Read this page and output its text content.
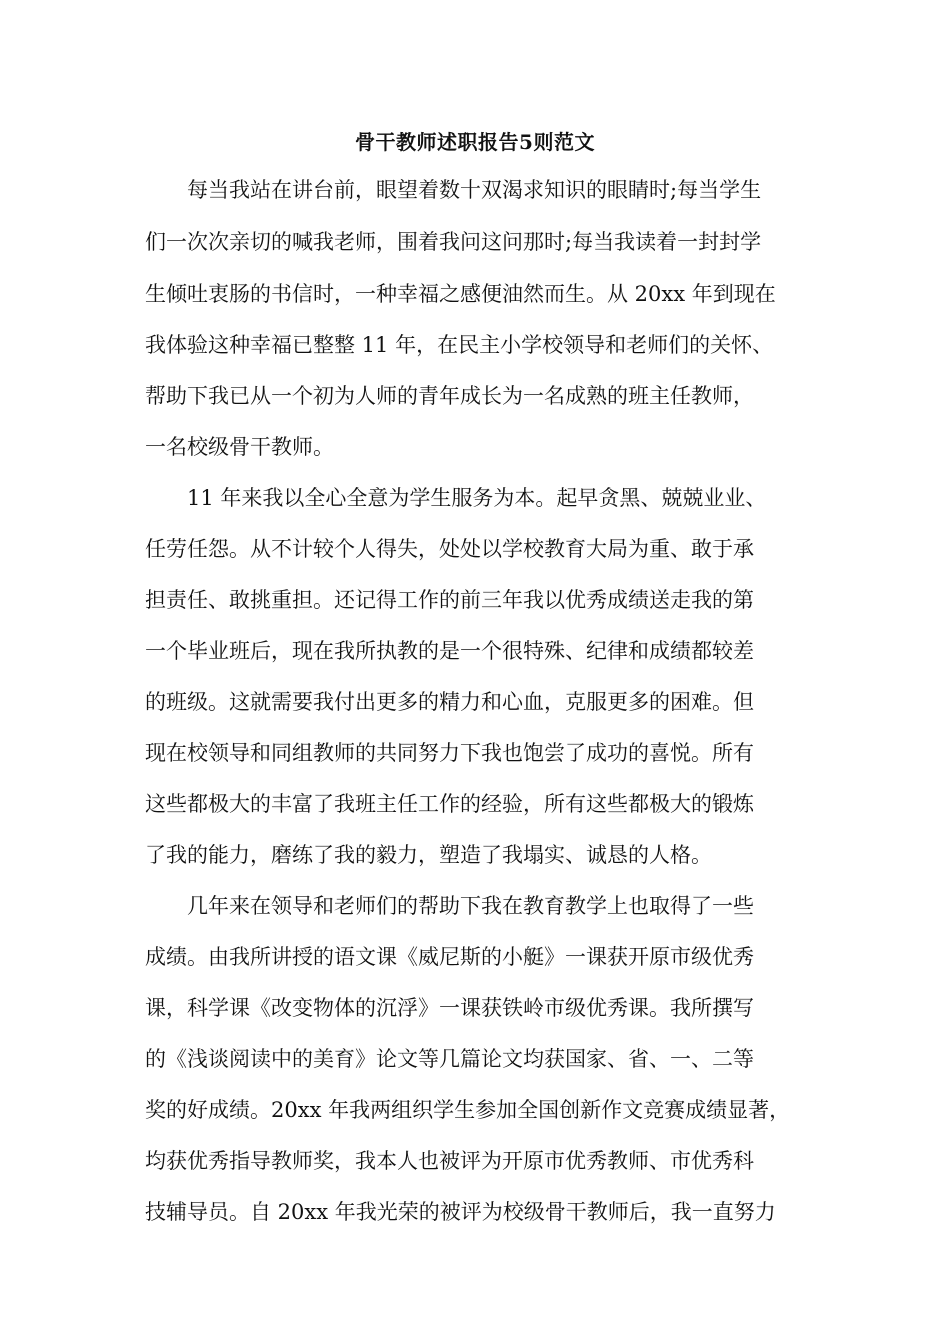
骨干教师述职报告5则范文
每当我站在讲台前，眼望着数十双渴求知识的眼睛时;每当学生
们一次次亲切的喊我老师，围着我问这问那时;每当我读着一封封学
生倾吐衷肠的书信时，一种幸福之感便油然而生。从 20xx 年到现在
我体验这种幸福已整整 11 年，在民主小学校领导和老师们的关怀、
帮助下我已从一个初为人师的青年成长为一名成熟的班主任教师，
一名校级骨干教师。
11 年来我以全心全意为学生服务为本。起早贪黑、兢兢业业、
任劳任怨。从不计较个人得失，处处以学校教育大局为重、敢于承
担责任、敢挑重担。还记得工作的前三年我以优秀成绩送走我的第
一个毕业班后，现在我所执教的是一个很特殊、纪律和成绩都较差
的班级。这就需要我付出更多的精力和心血，克服更多的困难。但
现在校领导和同组教师的共同努力下我也饱尝了成功的喜悦。所有
这些都极大的丰富了我班主任工作的经验，所有这些都极大的锻炼
了我的能力，磨练了我的毅力，塑造了我塌实、诚恳的人格。
几年来在领导和老师们的帮助下我在教育教学上也取得了一些
成绩。由我所讲授的语文课《威尼斯的小艇》一课获开原市级优秀
课，科学课《改变物体的沉浮》一课获铁岭市级优秀课。我所撰写
的《浅谈阅读中的美育》论文等几篇论文均获国家、省、一、二等
奖的好成绩。20xx 年我两组织学生参加全国创新作文竞赛成绩显著，
均获优秀指导教师奖，我本人也被评为开原市优秀教师、市优秀科
技辅导员。自 20xx 年我光荣的被评为校级骨干教师后，我一直努力
